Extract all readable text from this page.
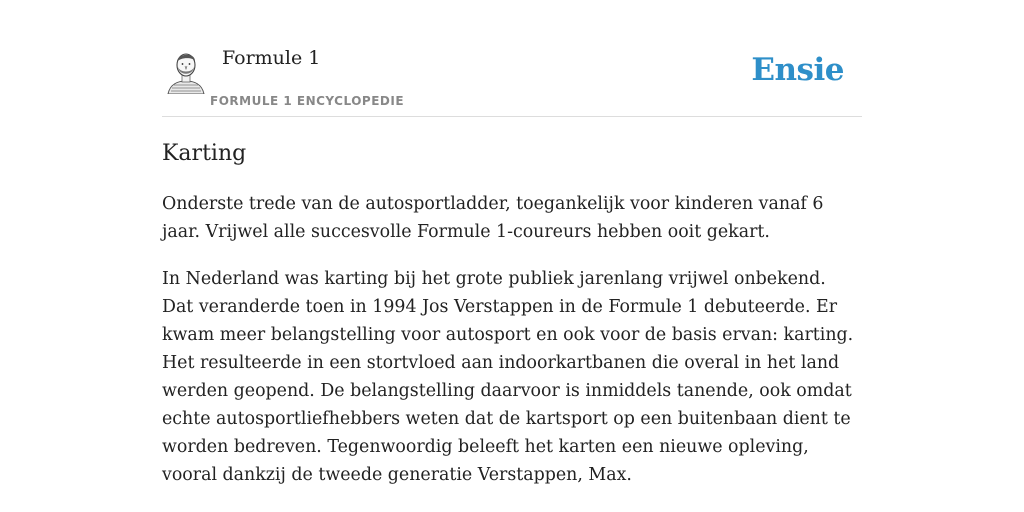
Formule 1
FORMULE 1 ENCYCLOPEDIE
Ensie
Karting

Onderste trede van de autosportladder, toegankelijk voor kinderen vanaf 6 jaar. Vrijwel alle succesvolle Formule 1-coureurs hebben ooit gekart.

In Nederland was karting bij het grote publiek jarenlang vrijwel onbekend. Dat veranderde toen in 1994 Jos Verstappen in de Formule 1 debuteerde. Er kwam meer belangstelling voor autosport en ook voor de basis ervan: karting. Het resulteerde in een stortvloed aan indoorkartbanen die overal in het land werden geopend. De belangstelling daarvoor is inmiddels tanende, ook omdat echte autosportliefhebbers weten dat de kartsport op een buitenbaan dient te worden bedreven. Tegenwoordig beleeft het karten een nieuwe opleving, vooral dankzij de tweede generatie Verstappen, Max.
